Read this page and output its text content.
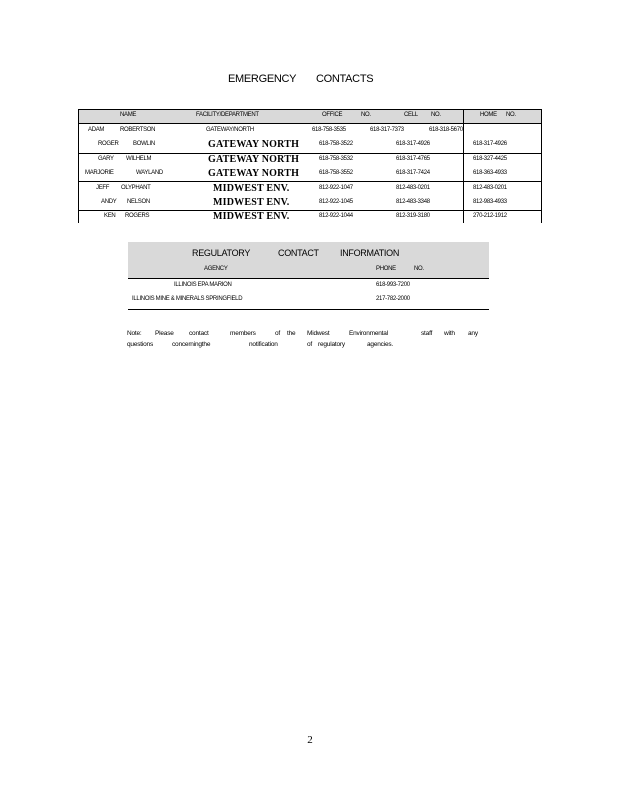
EMERGENCY CONTACTS
NAME	FACILITY/DEPARTMENT	OFFICE	NO.	CELL NO.	HOME NO.
ADAM	ROBERTSON	GATEWAY/NORTH	618-758-3535	618-317-7373	618-318-5670
ROGER BOWLIN	GATEWAY NORTH	618-758-3522	618-317-4926	618-317-4926
GARY WILHELM	GATEWAY NORTH	618-758-3532	618-317-4765	618-327-4425
MARJORIE	WAYLAND	GATEWAY NORTH	618-758-3552	618-317-7424	618-363-4933
JEFF OLYPHANT	MIDWEST ENV.	812-922-1047	812-483-0201	812-483-0201
ANDY NELSON	MIDWEST ENV.	812-922-1045	812-483-3348	812-983-4933
KEN ROGERS	MIDWEST ENV.	812-922-1044	812-319-3180	270-212-1912
REGULATORY	CONTACT INFORMATION
AGENCY	PHONE	NO.
ILLINOIS EPA MARION	618-993-7200
ILLINOIS MINE & MINERALS SPRINGFIELD	217-782-2000
Note: Please contact	members	of the Midwest	Environmental	staff with any
questions	concerningthe	notification	of regulatory	agencies.
2
